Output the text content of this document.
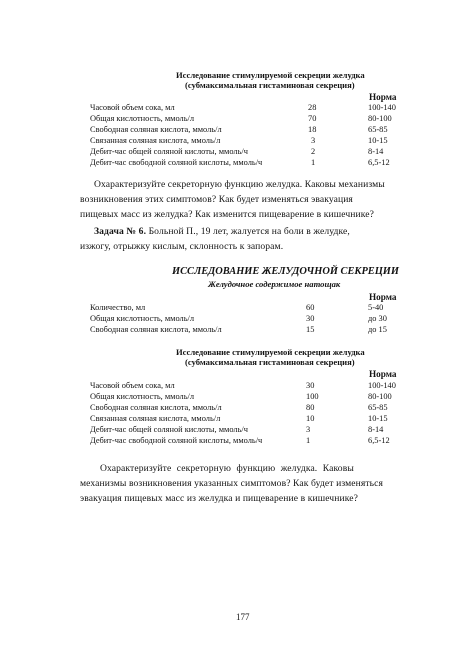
Исследование стимулируемой секреции желудка
(субмаксимальная гистаминовая секреция)
Норма
Часовой объем сока, мл	28	100-140
Общая кислотность, ммоль/л	70	80-100
Свободная соляная кислота, ммоль/л	18	65-85
Связанная соляная кислота, ммоль/л	3	10-15
Дебит-час общей соляной кислоты, ммоль/ч	2	8-14
Дебит-час свободной соляной кислоты, ммоль/ч	1	6,5-12
Охарактеризуйте секреторную функцию желудка. Каковы механизмы
возникновения этих симптомов? Как будет изменяться эвакуация
пищевых масс из желудка? Как изменится пищеварение в кишечнике?
Задача № 6. Больной П., 19 лет, жалуется на боли в желудке,
изжогу, отрыжку кислым, склонность к запорам.
ИССЛЕДОВАНИЕ ЖЕЛУДОЧНОЙ СЕКРЕЦИИ
Желудочное содержимое натощак
Норма
Количество, мл	60	5-40
Общая кислотность, ммоль/л	30	до 30
Свободная соляная кислота, ммоль/л	15	до 15
Исследование стимулируемой секреции желудка
(субмаксимальная гистаминовая секреция)
Норма
Часовой объем сока, мл	30	100-140
Общая кислотность, ммоль/л	100	80-100
Свободная соляная кислота, ммоль/л	80	65-85
Связанная соляная кислота, ммоль/л	10	10-15
Дебит-час общей соляной кислоты, ммоль/ч	3	8-14
Дебит-час свободной соляной кислоты, ммоль/ч	1	6,5-12
Охарактеризуйте секреторную функцию желудка. Каковы
механизмы возникновения указанных симптомов? Как будет изменяться
эвакуация пищевых масс из желудка и пищеварение в кишечнике?
177
